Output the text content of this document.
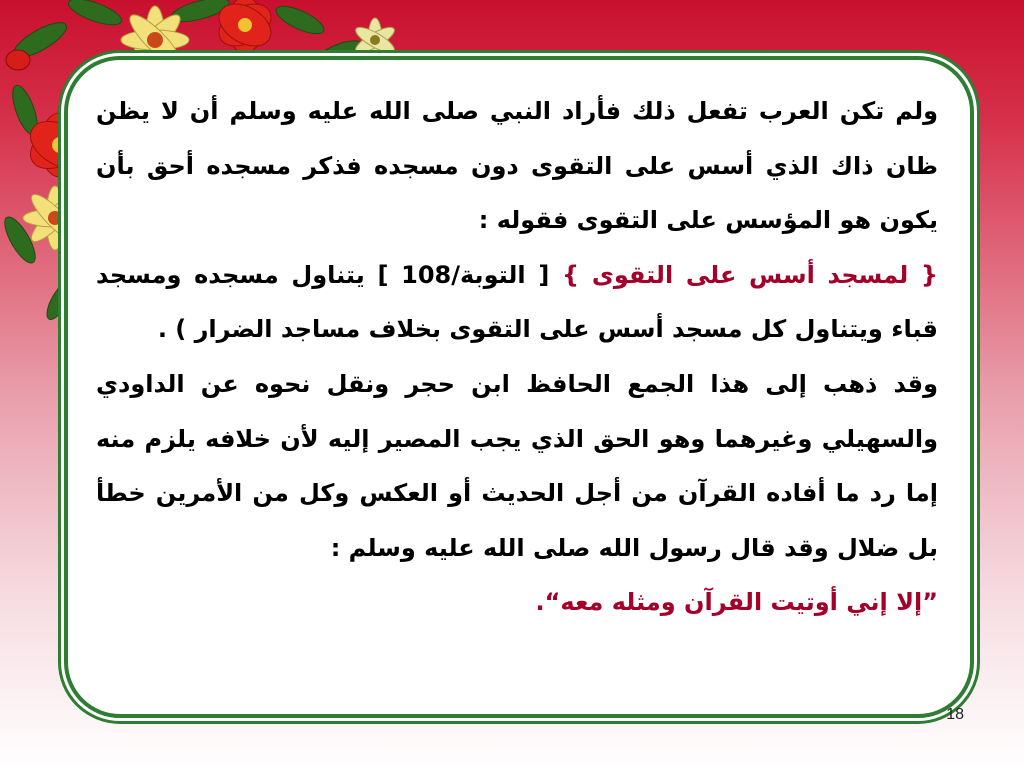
ولم تكن العرب تفعل ذلك فأراد النبي صلى الله عليه وسلم أن لا يظن ظان ذاك الذي أسس على التقوى دون مسجده فذكر مسجده أحق بأن يكون هو المؤسس على التقوى فقوله :

{ لمسجد أسس على التقوى } [ التوبة/108 ] يتناول مسجده ومسجد قباء ويتناول كل مسجد أسس على التقوى بخلاف مساجد الضرار ) .

وقد ذهب إلى هذا الجمع الحافظ ابن حجر ونقل نحوه عن الداودي والسهيلي وغيرهما وهو الحق الذي يجب المصير إليه لأن خلافه يلزم منه إما رد ما أفاده القرآن من أجل الحديث أو العكس وكل من الأمرين خطأ بل ضلال وقد قال رسول الله صلى الله عليه وسلم :

”إلا إني أوتيت القرآن ومثله معه“.

18
